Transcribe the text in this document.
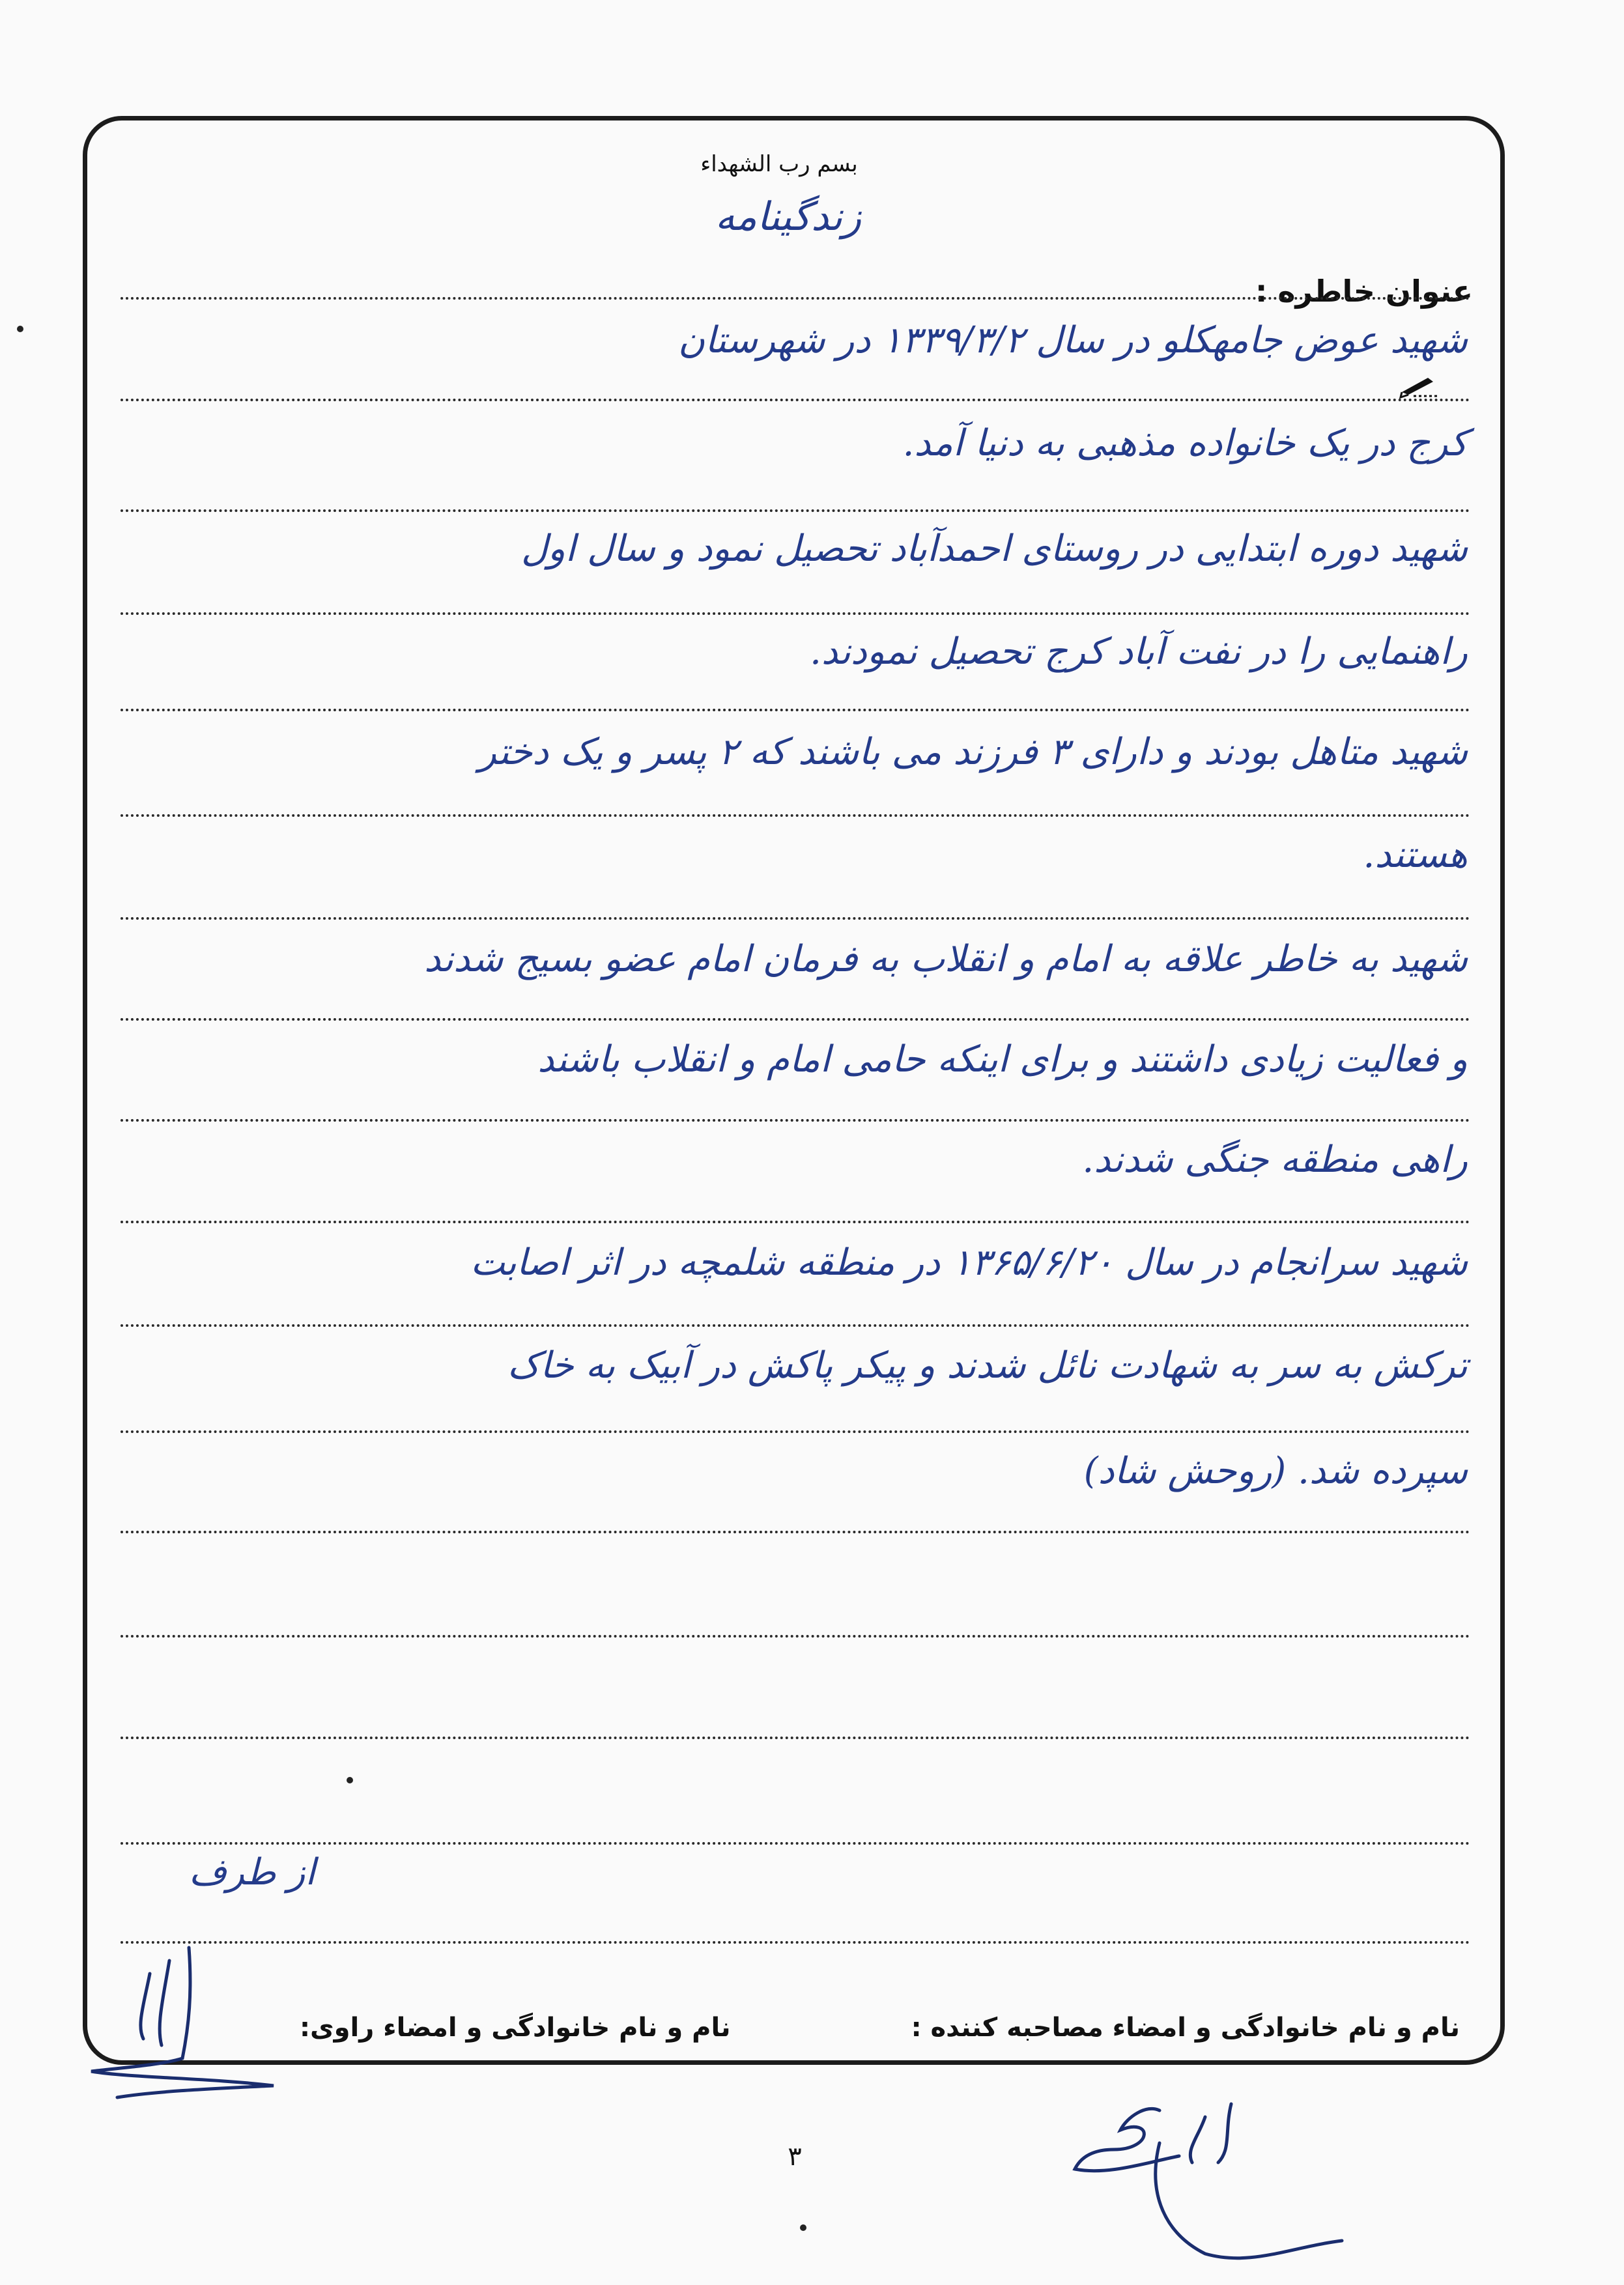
بسم رب الشهداء
زندگینامه
عنوان خاطره :
شهید عوض جامهکلو در سال ۱۳۳۹/۳/۲ در شهرستان
کرج در یک خانواده مذهبی به دنیا آمد.
شهید دوره ابتدایی در روستای احمدآباد تحصیل نمود و سال اول
راهنمایی را در نفت آباد کرج تحصیل نمودند.
شهید متاهل بودند و دارای ۳ فرزند می باشند که ۲ پسر و یک دختر
هستند.
شهید به خاطر علاقه به امام و انقلاب به فرمان امام عضو بسیج شدند
و فعالیت زیادی داشتند و برای اینکه حامی امام و انقلاب باشند
راهی منطقه جنگی شدند.
شهید سرانجام در سال ۱۳۶۵/۶/۲۰ در منطقه شلمچه در اثر اصابت
ترکش به سر به شهادت نائل شدند و پیکر پاکش در آبیک به خاک
سپرده شد. (روحش شاد)
از طرف
نام و نام خانوادگی و امضاء مصاحبه کننده :
نام و نام خانوادگی و امضاء راوی:
۳
